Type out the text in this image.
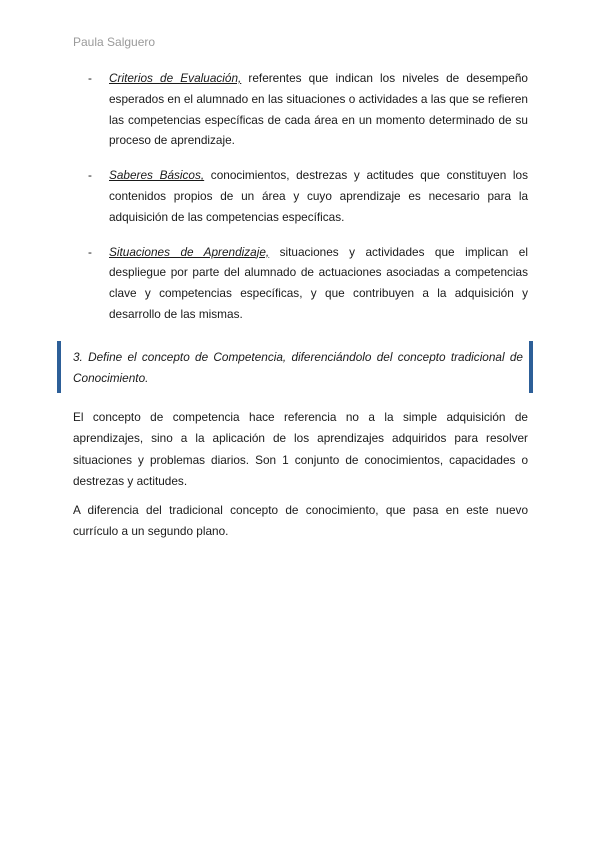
Paula Salguero
- Criterios de Evaluación, referentes que indican los niveles de desempeño esperados en el alumnado en las situaciones o actividades a las que se refieren las competencias específicas de cada área en un momento determinado de su proceso de aprendizaje.
- Saberes Básicos, conocimientos, destrezas y actitudes que constituyen los contenidos propios de un área y cuyo aprendizaje es necesario para la adquisición de las competencias específicas.
- Situaciones de Aprendizaje, situaciones y actividades que implican el despliegue por parte del alumnado de actuaciones asociadas a competencias clave y competencias específicas, y que contribuyen a la adquisición y desarrollo de las mismas.
3. Define el concepto de Competencia, diferenciándolo del concepto tradicional de Conocimiento.

El concepto de competencia hace referencia no a la simple adquisición de aprendizajes, sino a la aplicación de los aprendizajes adquiridos para resolver situaciones y problemas diarios. Son 1 conjunto de conocimientos, capacidades o destrezas y actitudes.

A diferencia del tradicional concepto de conocimiento, que pasa en este nuevo currículo a un segundo plano.
